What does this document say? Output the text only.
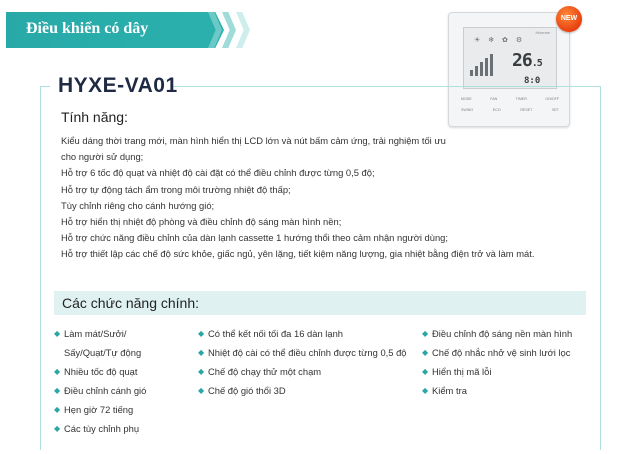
Điều khiển có dây	Hisense
☀ ❄ ✿ ⚙
26.5
8:0
MODE	FAN	TIMER	ON/OFF
SWING	ECO	RESET	SET
NEW
HYXE-VA01
Tính năng:
Kiểu dáng thời trang mới, màn hình hiển thị LCD lớn và nút bấm cảm ứng, trải nghiệm tối ưu
cho người sử dụng;
Hỗ trợ 6 tốc độ quạt và nhiệt độ cài đặt có thể điều chỉnh được từng 0,5 độ;
Hỗ trợ tự động tách ẩm trong môi trường nhiệt độ thấp;
Tùy chỉnh riêng cho cánh hướng gió;
Hỗ trợ hiển thị nhiệt độ phòng và điều chỉnh độ sáng màn hình nền;
Hỗ trợ chức năng điều chỉnh của dàn lạnh cassette 1 hướng thổi theo cảm nhận người dùng;
Hỗ trợ thiết lập các chế độ sức khỏe, giấc ngủ, yên lặng, tiết kiệm năng lượng, gia nhiệt bằng điện trở và làm mát.
Các chức năng chính:
◆ Làm mát/Sưởi/
Sấy/Quạt/Tự động
◆ Nhiều tốc độ quạt
◆ Điều chỉnh cánh gió
◆ Hẹn giờ 72 tiếng
◆ Các tùy chỉnh phụ
◆ Có thể kết nối tối đa 16 dàn lạnh
◆ Nhiệt độ cài có thể điều chỉnh được từng 0,5 độ
◆ Chế độ chạy thử một chạm
◆ Chế độ gió thổi 3D
◆ Điều chỉnh độ sáng nền màn hình
◆ Chế độ nhắc nhở vệ sinh lưới lọc
◆ Hiển thị mã lỗi
◆ Kiểm tra
